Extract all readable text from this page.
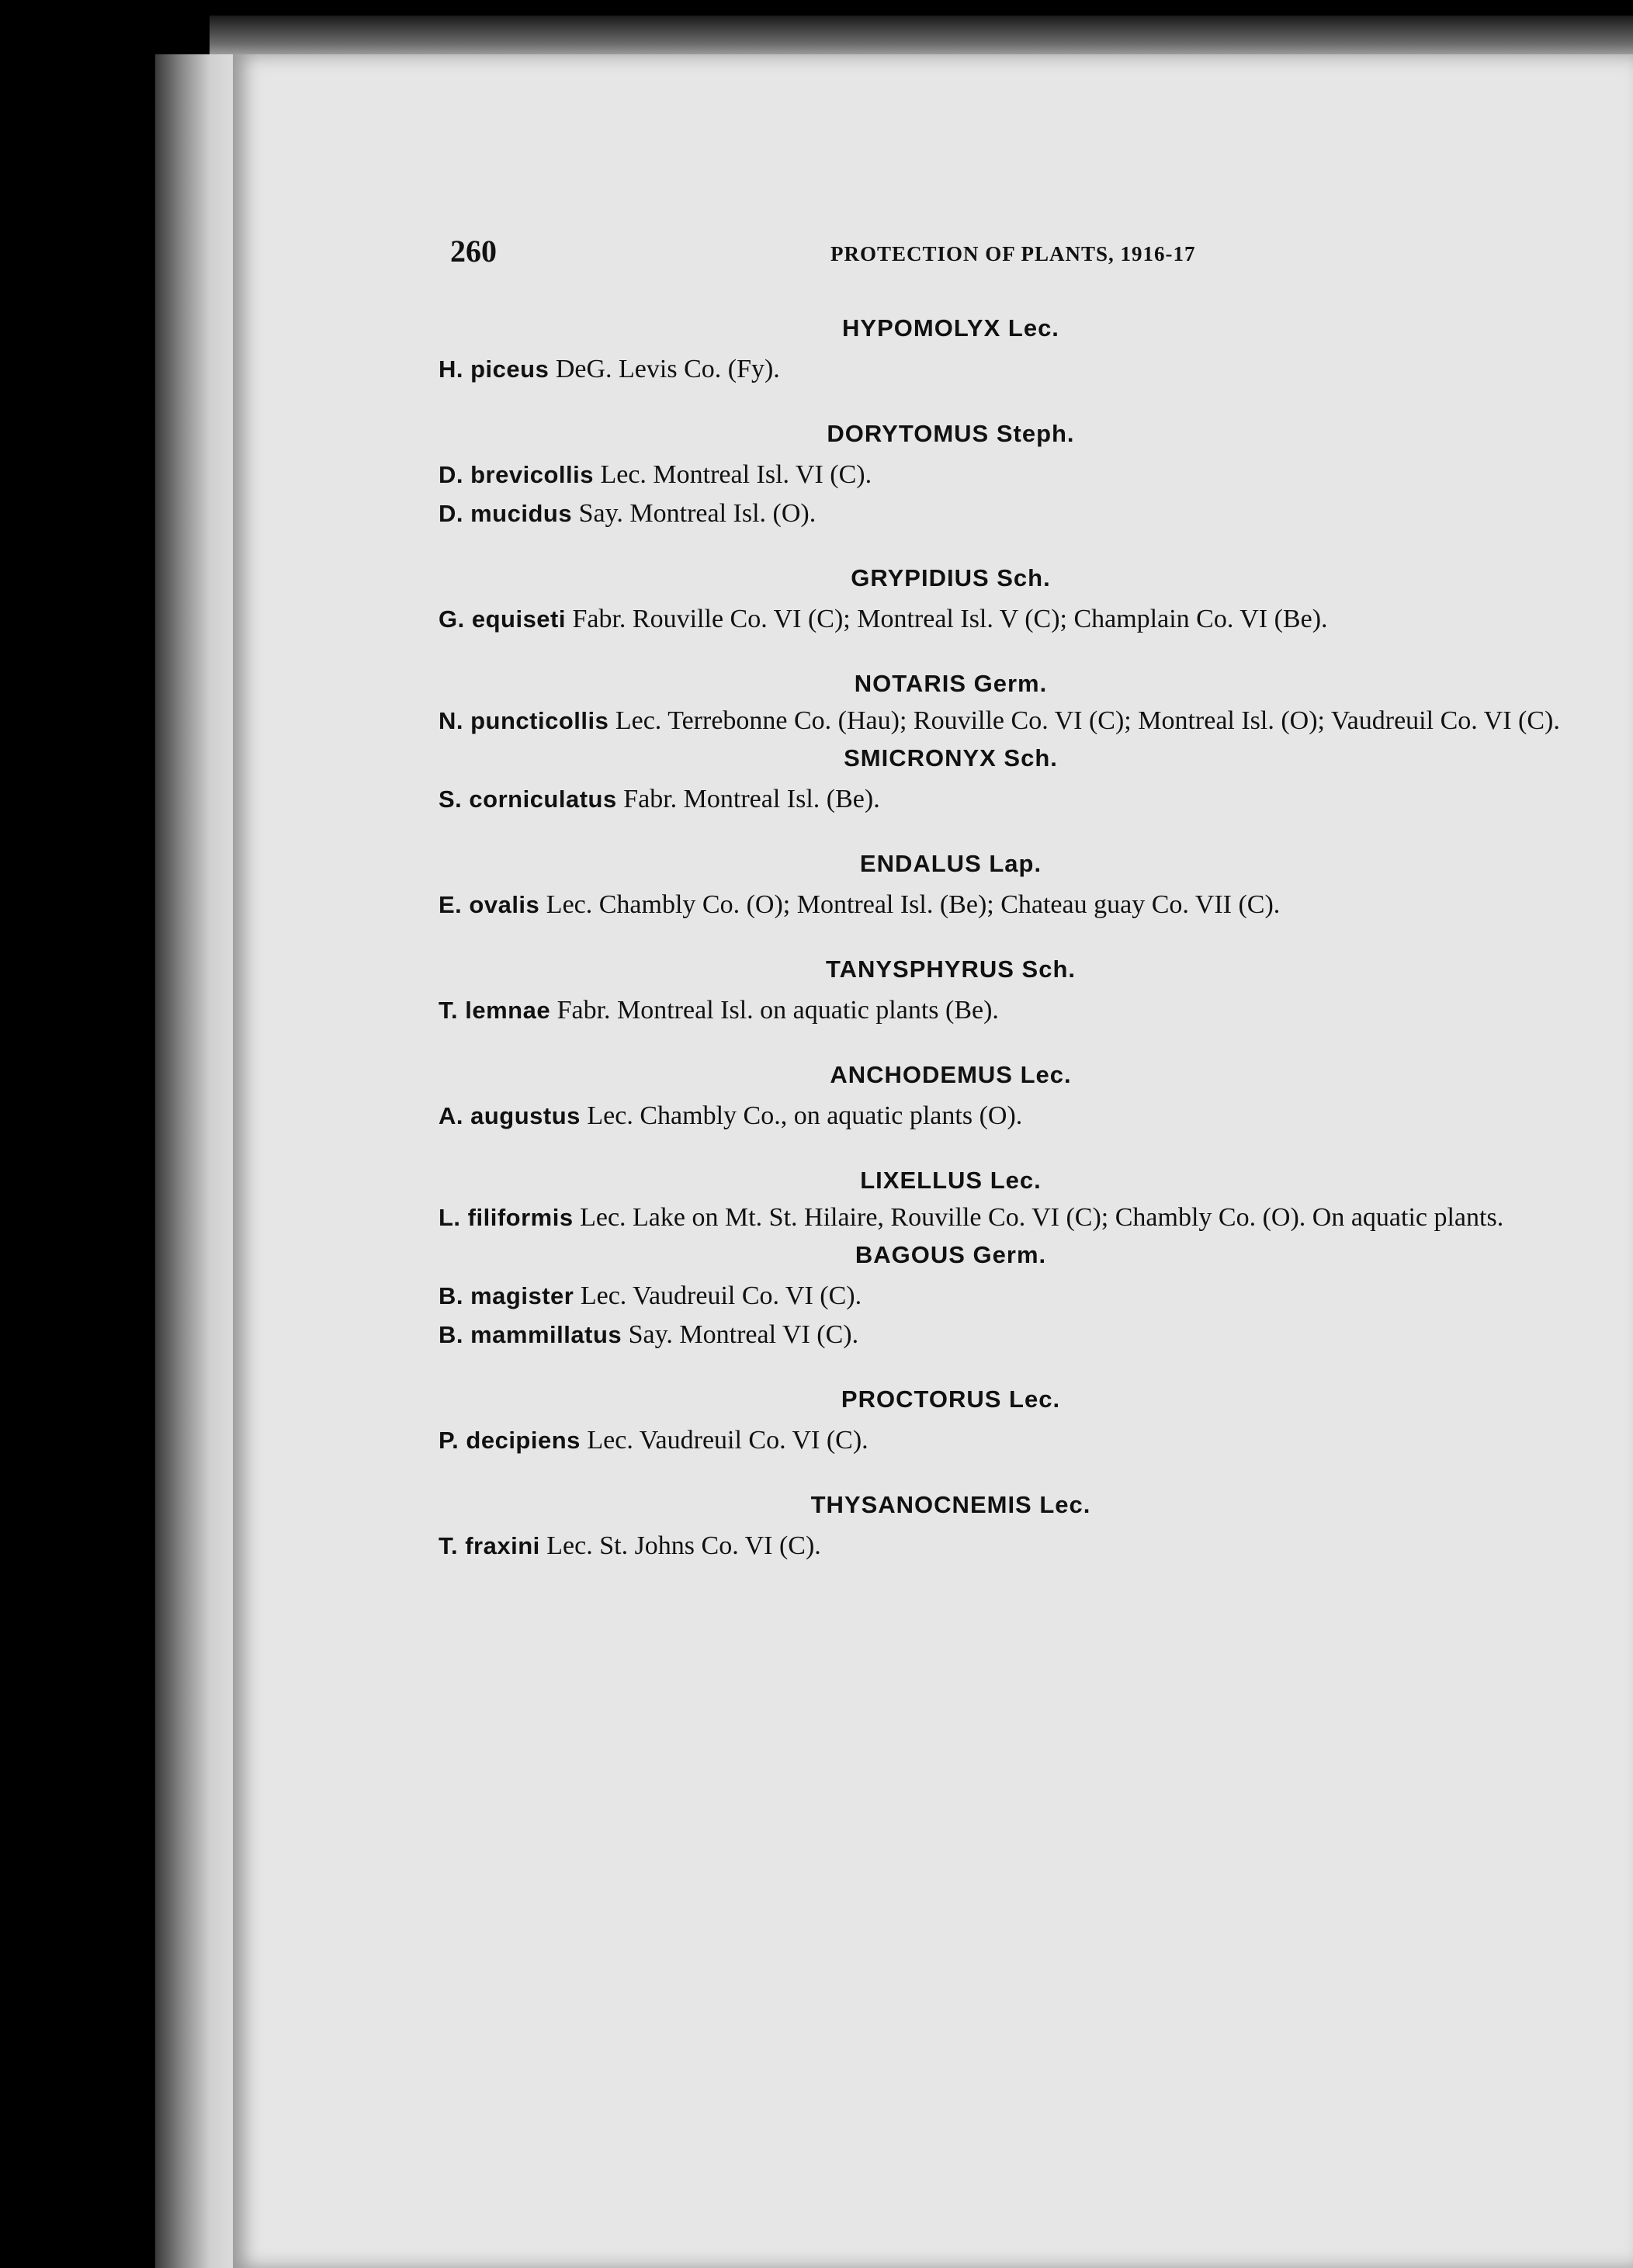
260	PROTECTION OF PLANTS, 1916-17
HYPOMOLYX Lec.
H. piceus DeG. Levis Co. (Fy).
DORYTOMUS Steph.
D. brevicollis Lec. Montreal Isl. VI (C).
D. mucidus Say. Montreal Isl. (O).
GRYPIDIUS Sch.
G. equiseti Fabr. Rouville Co. VI (C); Montreal Isl. V (C); Champlain Co. VI (Be).
NOTARIS Germ.
N. puncticollis Lec. Terrebonne Co. (Hau); Rouville Co. VI (C); Montreal Isl. (O); Vaudreuil Co. VI (C).
SMICRONYX Sch.
S. corniculatus Fabr. Montreal Isl. (Be).
ENDALUS Lap.
E. ovalis Lec. Chambly Co. (O); Montreal Isl. (Be); Chateau guay Co. VII (C).
TANYSPHYRUS Sch.
T. lemnae Fabr. Montreal Isl. on aquatic plants (Be).
ANCHODEMUS Lec.
A. augustus Lec. Chambly Co., on aquatic plants (O).
LIXELLUS Lec.
L. filiformis Lec. Lake on Mt. St. Hilaire, Rouville Co. VI (C); Chambly Co. (O). On aquatic plants.
BAGOUS Germ.
B. magister Lec. Vaudreuil Co. VI (C).
B. mammillatus Say. Montreal VI (C).
PROCTORUS Lec.
P. decipiens Lec. Vaudreuil Co. VI (C).
THYSANOCNEMIS Lec.
T. fraxini Lec. St. Johns Co. VI (C).
